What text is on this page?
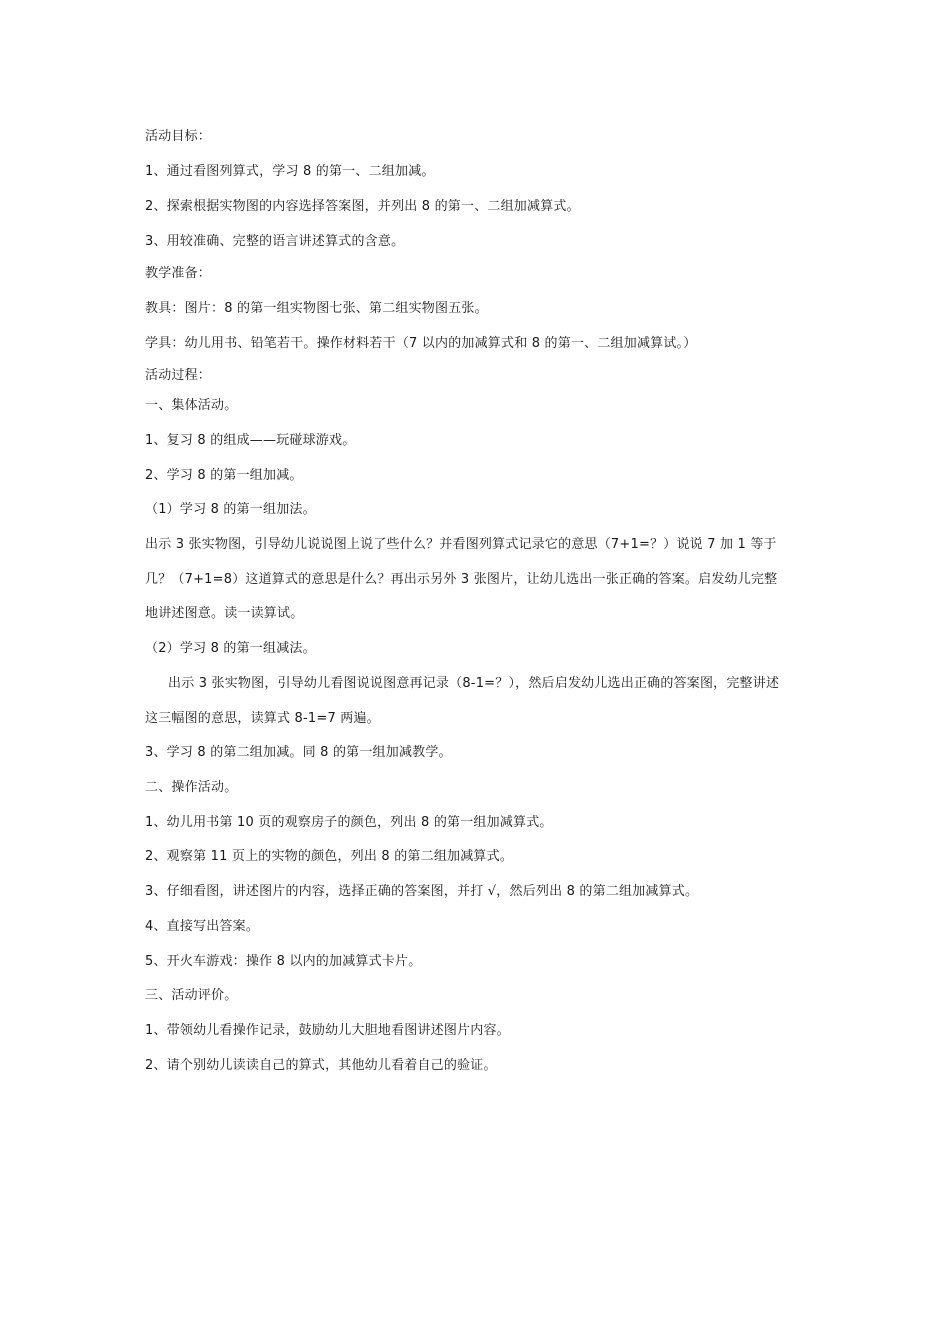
活动目标：
1、通过看图列算式，学习 8 的第一、二组加减。
2、探索根据实物图的内容选择答案图，并列出 8 的第一、二组加减算式。
3、用较准确、完整的语言讲述算式的含意。
教学准备：
教具：图片：8 的第一组实物图七张、第二组实物图五张。
学具：幼儿用书、铅笔若干。操作材料若干（7 以内的加减算式和 8 的第一、二组加减算试。）
活动过程：
一、集体活动。
1、复习 8 的组成——玩碰球游戏。
2、学习 8 的第一组加减。
（1）学习 8 的第一组加法。
出示 3 张实物图，引导幼儿说说图上说了些什么？并看图列算式记录它的意思（7+1=？）说说 7 加 1 等于
几？（7+1=8）这道算式的意思是什么？再出示另外 3 张图片，让幼儿选出一张正确的答案。启发幼儿完整
地讲述图意。读一读算试。
（2）学习 8 的第一组减法。
出示 3 张实物图，引导幼儿看图说说图意再记录（8-1=？），然后启发幼儿选出正确的答案图，完整讲述
这三幅图的意思，读算式 8-1=7 两遍。
3、学习 8 的第二组加减。同 8 的第一组加减教学。
二、操作活动。
1、幼儿用书第 10 页的观察房子的颜色，列出 8 的第一组加减算式。
2、观察第 11 页上的实物的颜色，列出 8 的第二组加减算式。
3、仔细看图，讲述图片的内容，选择正确的答案图，并打 √，然后列出 8 的第二组加减算式。
4、直接写出答案。
5、开火车游戏：操作 8 以内的加减算式卡片。
三、活动评价。
1、带领幼儿看操作记录，鼓励幼儿大胆地看图讲述图片内容。
2、请个别幼儿读读自己的算式，其他幼儿看着自己的验证。
